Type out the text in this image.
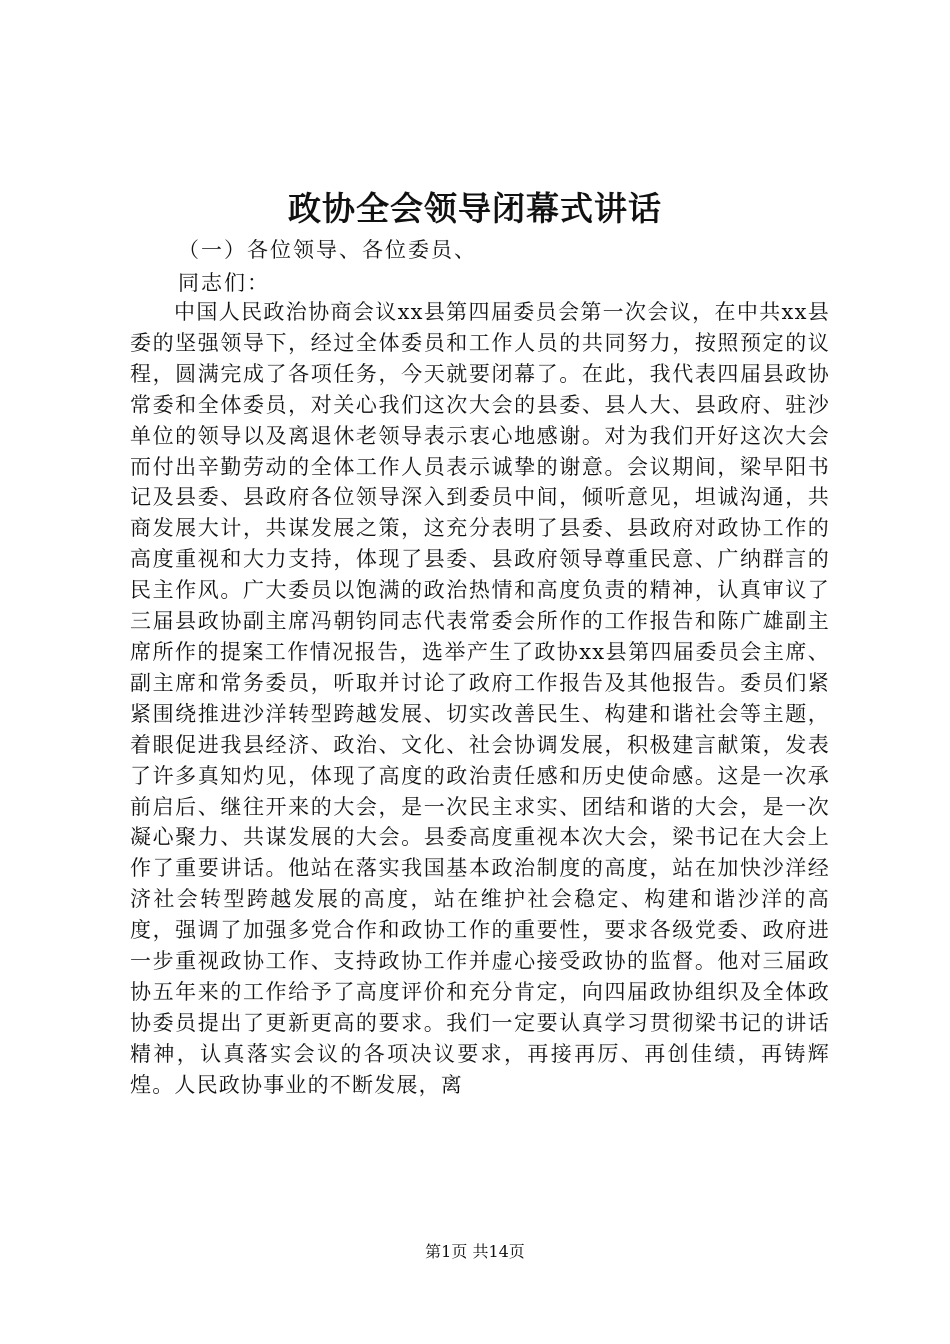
政协全会领导闭幕式讲话
（一）各位领导、各位委员、
同志们：

中国人民政治协商会议xx县第四届委员会第一次会议，在中共xx县委的坚强领导下，经过全体委员和工作人员的共同努力，按照预定的议程，圆满完成了各项任务，今天就要闭幕了。在此，我代表四届县政协常委和全体委员，对关心我们这次大会的县委、县人大、县政府、驻沙单位的领导以及离退休老领导表示衷心地感谢。对为我们开好这次大会而付出辛勤劳动的全体工作人员表示诚挚的谢意。会议期间，梁早阳书记及县委、县政府各位领导深入到委员中间，倾听意见，坦诚沟通，共商发展大计，共谋发展之策，这充分表明了县委、县政府对政协工作的高度重视和大力支持，体现了县委、县政府领导尊重民意、广纳群言的民主作风。广大委员以饱满的政治热情和高度负责的精神，认真审议了三届县政协副主席冯朝钧同志代表常委会所作的工作报告和陈广雄副主席所作的提案工作情况报告，选举产生了政协xx县第四届委员会主席、副主席和常务委员，听取并讨论了政府工作报告及其他报告。委员们紧紧围绕推进沙洋转型跨越发展、切实改善民生、构建和谐社会等主题，着眼促进我县经济、政治、文化、社会协调发展，积极建言献策，发表了许多真知灼见，体现了高度的政治责任感和历史使命感。这是一次承前启后、继往开来的大会，是一次民主求实、团结和谐的大会，是一次凝心聚力、共谋发展的大会。县委高度重视本次大会，梁书记在大会上作了重要讲话。他站在落实我国基本政治制度的高度，站在加快沙洋经济社会转型跨越发展的高度，站在维护社会稳定、构建和谐沙洋的高度，强调了加强多党合作和政协工作的重要性，要求各级党委、政府进一步重视政协工作、支持政协工作并虚心接受政协的监督。他对三届政协五年来的工作给予了高度评价和充分肯定，向四届政协组织及全体政协委员提出了更新更高的要求。我们一定要认真学习贯彻梁书记的讲话精神，认真落实会议的各项决议要求，再接再厉、再创佳绩，再铸辉煌。人民政协事业的不断发展，离

第1页 共14页
